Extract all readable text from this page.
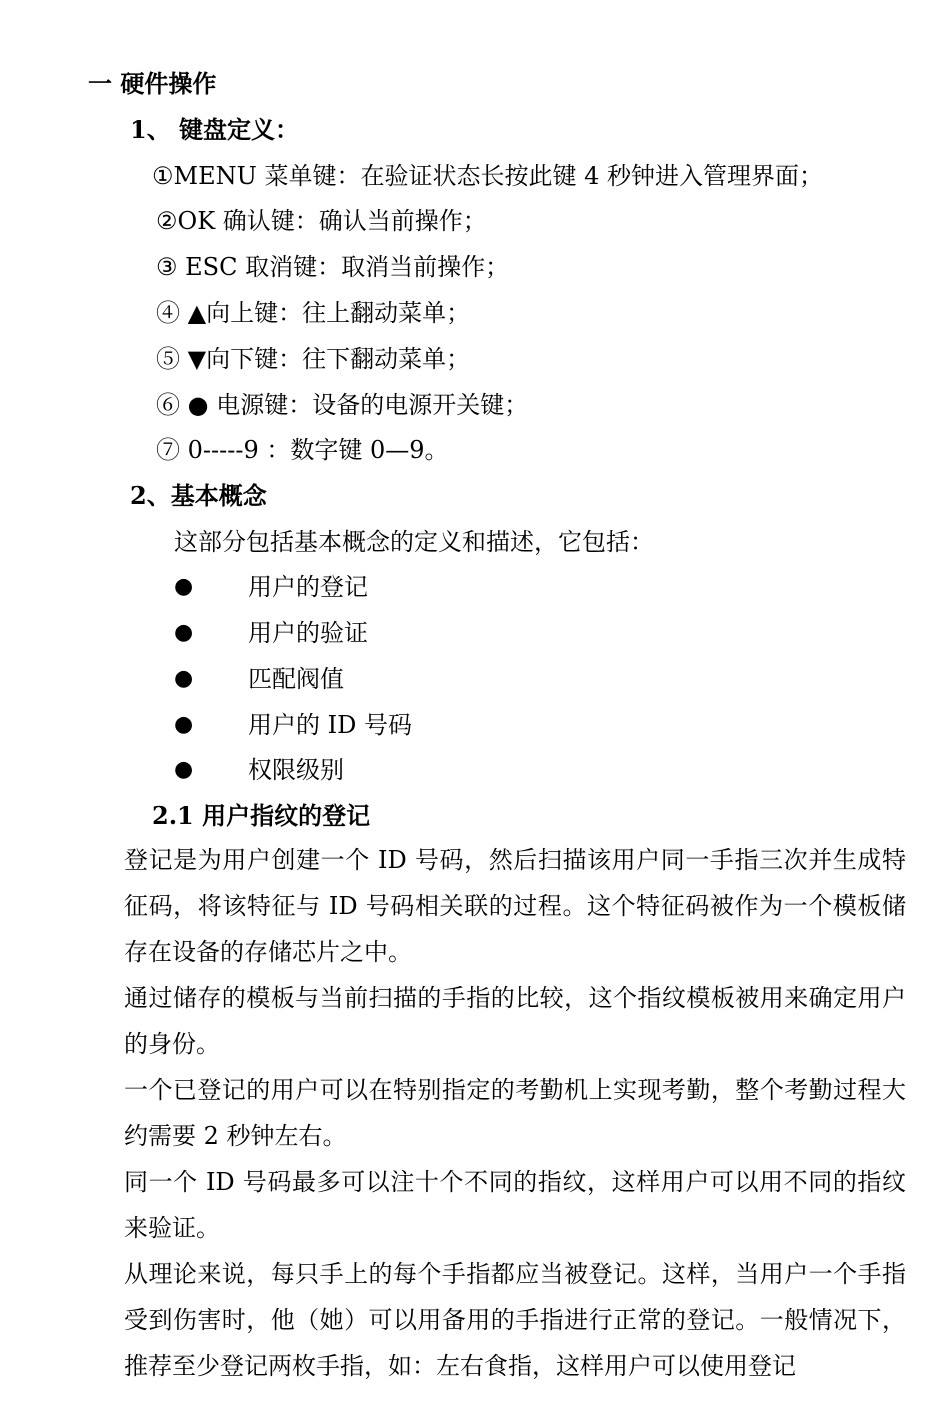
一 硬件操作
1、 键盘定义：
①MENU 菜单键：在验证状态长按此键 4 秒钟进入管理界面；
②OK 确认键：确认当前操作；
③ ESC 取消键：取消当前操作；
④ ▲向上键：往上翻动菜单；
⑤ ▼向下键：往下翻动菜单；
⑥ ● 电源键：设备的电源开关键；
⑦ 0-----9 ：数字键 0—9。
2、基本概念
这部分包括基本概念的定义和描述，它包括：
● 用户的登记
● 用户的验证
● 匹配阀值
● 用户的 ID 号码
● 权限级别
2.1 用户指纹的登记
登记是为用户创建一个 ID 号码，然后扫描该用户同一手指三次并生成特征码，将该特征与 ID 号码相关联的过程。这个特征码被作为一个模板储存在设备的存储芯片之中。
通过储存的模板与当前扫描的手指的比较，这个指纹模板被用来确定用户的身份。
一个已登记的用户可以在特别指定的考勤机上实现考勤，整个考勤过程大约需要 2 秒钟左右。
同一个 ID 号码最多可以注十个不同的指纹，这样用户可以用不同的指纹来验证。
从理论来说，每只手上的每个手指都应当被登记。这样，当用户一个手指受到伤害时，他（她）可以用备用的手指进行正常的登记。一般情况下，推荐至少登记两枚手指，如：左右食指，这样用户可以使用登记
